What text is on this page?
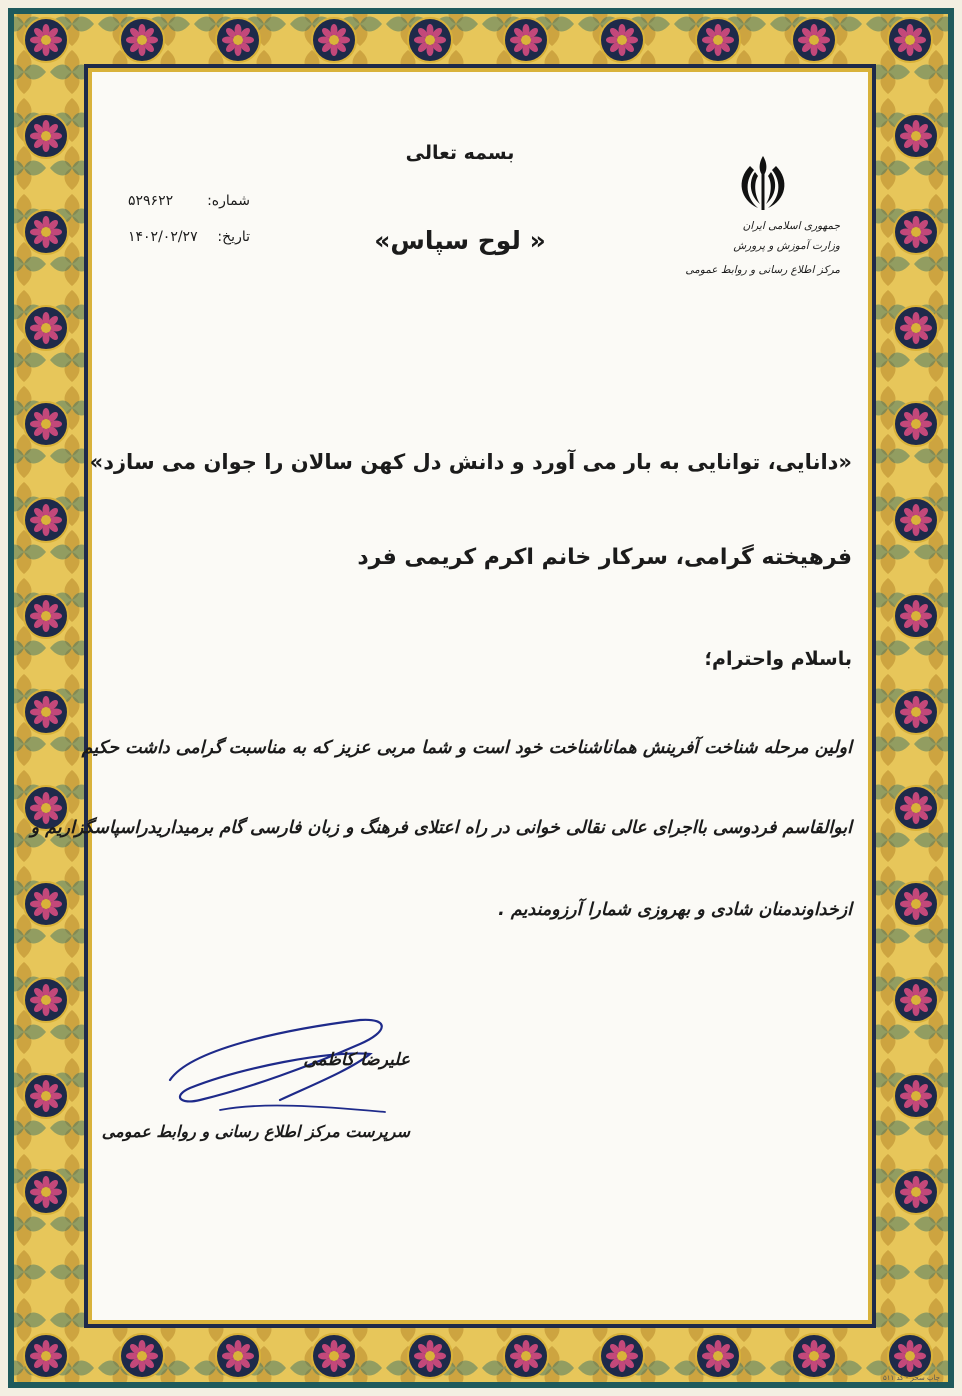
بسمه تعالی
« لوح سپاس»
شماره:
۵۲۹۶۲۲
تاریخ:
۱۴۰۲/۰۲/۲۷
جمهوری اسلامی ایران
وزارت آموزش و پرورش
مرکز اطلاع رسانی و روابط عمومی
«دانایی، توانایی به بار می آورد و دانش دل کهن سالان را جوان می سازد»
فرهیخته گرامی، سرکار خانم اکرم کریمی فرد
باسلام واحترام؛
اولین مرحله شناخت آفرینش هماناشناخت خود است و شما مربی عزیز که به مناسبت گرامی داشت حکیم
ابوالقاسم فردوسی بااجرای عالی نقالی خوانی در راه اعتلای فرهنگ و زبان فارسی گام برمیداریدراسپاسگزاریم و
ازخداوندمنان شادی و بهروزی شمارا آرزومندیم .
علیرضا کاظمی
سرپرست مرکز اطلاع رسانی و روابط عمومی
چاپ سحر - کد ۵۱۱
